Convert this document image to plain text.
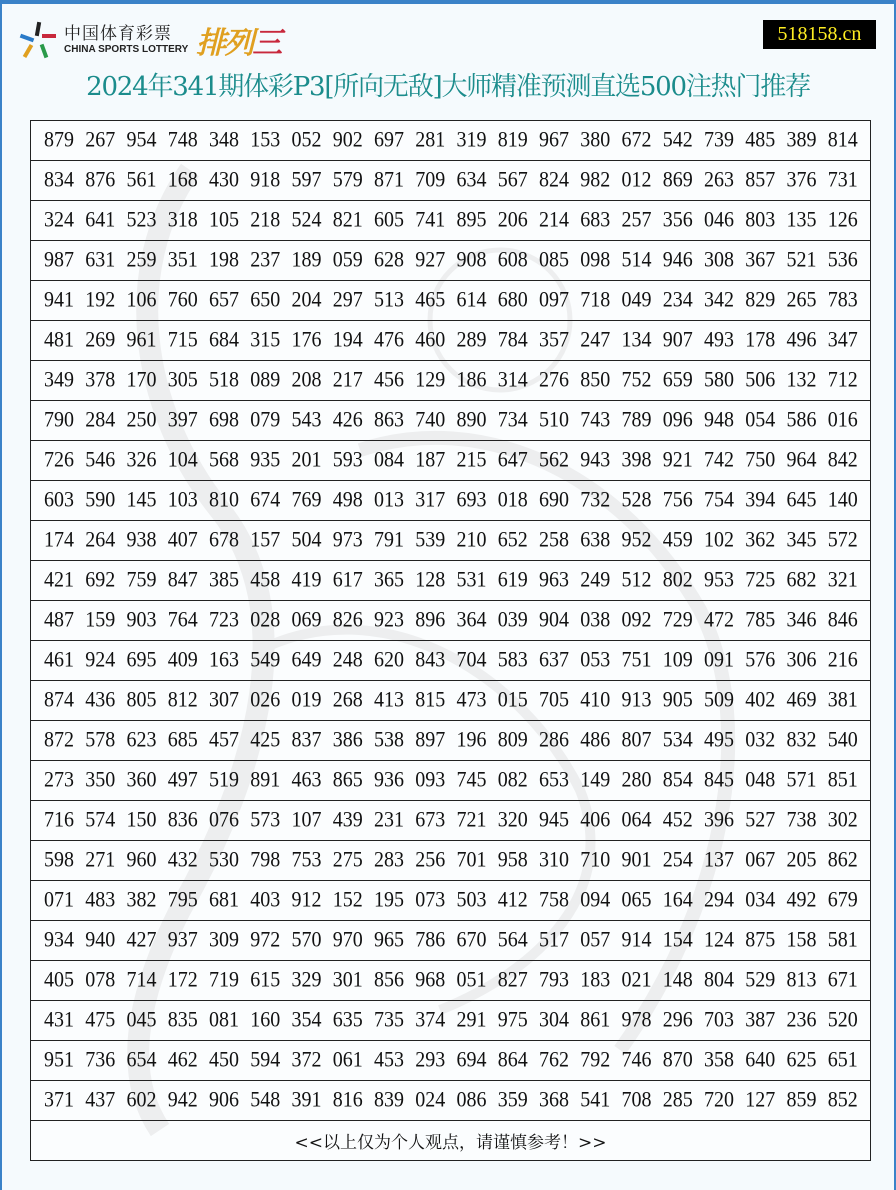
中国体育彩票
CHINA SPORTS LOTTERY 排列三	518158.cn
2024年341期体彩P3[所向无敌]大师精准预测直选500注热门推荐
879 267 954 748 348 153 052 902 697 281 319 819 967 380 672 542 739 485 389 814
834 876 561 168 430 918 597 579 871 709 634 567 824 982 012 869 263 857 376 731
324 641 523 318 105 218 524 821 605 741 895 206 214 683 257 356 046 803 135 126
987 631 259 351 198 237 189 059 628 927 908 608 085 098 514 946 308 367 521 536
941 192 106 760 657 650 204 297 513 465 614 680 097 718 049 234 342 829 265 783
481 269 961 715 684 315 176 194 476 460 289 784 357 247 134 907 493 178 496 347
349 378 170 305 518 089 208 217 456 129 186 314 276 850 752 659 580 506 132 712
790 284 250 397 698 079 543 426 863 740 890 734 510 743 789 096 948 054 586 016
726 546 326 104 568 935 201 593 084 187 215 647 562 943 398 921 742 750 964 842
603 590 145 103 810 674 769 498 013 317 693 018 690 732 528 756 754 394 645 140
174 264 938 407 678 157 504 973 791 539 210 652 258 638 952 459 102 362 345 572
421 692 759 847 385 458 419 617 365 128 531 619 963 249 512 802 953 725 682 321
487 159 903 764 723 028 069 826 923 896 364 039 904 038 092 729 472 785 346 846
461 924 695 409 163 549 649 248 620 843 704 583 637 053 751 109 091 576 306 216
874 436 805 812 307 026 019 268 413 815 473 015 705 410 913 905 509 402 469 381
872 578 623 685 457 425 837 386 538 897 196 809 286 486 807 534 495 032 832 540
273 350 360 497 519 891 463 865 936 093 745 082 653 149 280 854 845 048 571 851
716 574 150 836 076 573 107 439 231 673 721 320 945 406 064 452 396 527 738 302
598 271 960 432 530 798 753 275 283 256 701 958 310 710 901 254 137 067 205 862
071 483 382 795 681 403 912 152 195 073 503 412 758 094 065 164 294 034 492 679
934 940 427 937 309 972 570 970 965 786 670 564 517 057 914 154 124 875 158 581
405 078 714 172 719 615 329 301 856 968 051 827 793 183 021 148 804 529 813 671
431 475 045 835 081 160 354 635 735 374 291 975 304 861 978 296 703 387 236 520
951 736 654 462 450 594 372 061 453 293 694 864 762 792 746 870 358 640 625 651
371 437 602 942 906 548 391 816 839 024 086 359 368 541 708 285 720 127 859 852
<<以上仅为个人观点，请谨慎参考！>>
